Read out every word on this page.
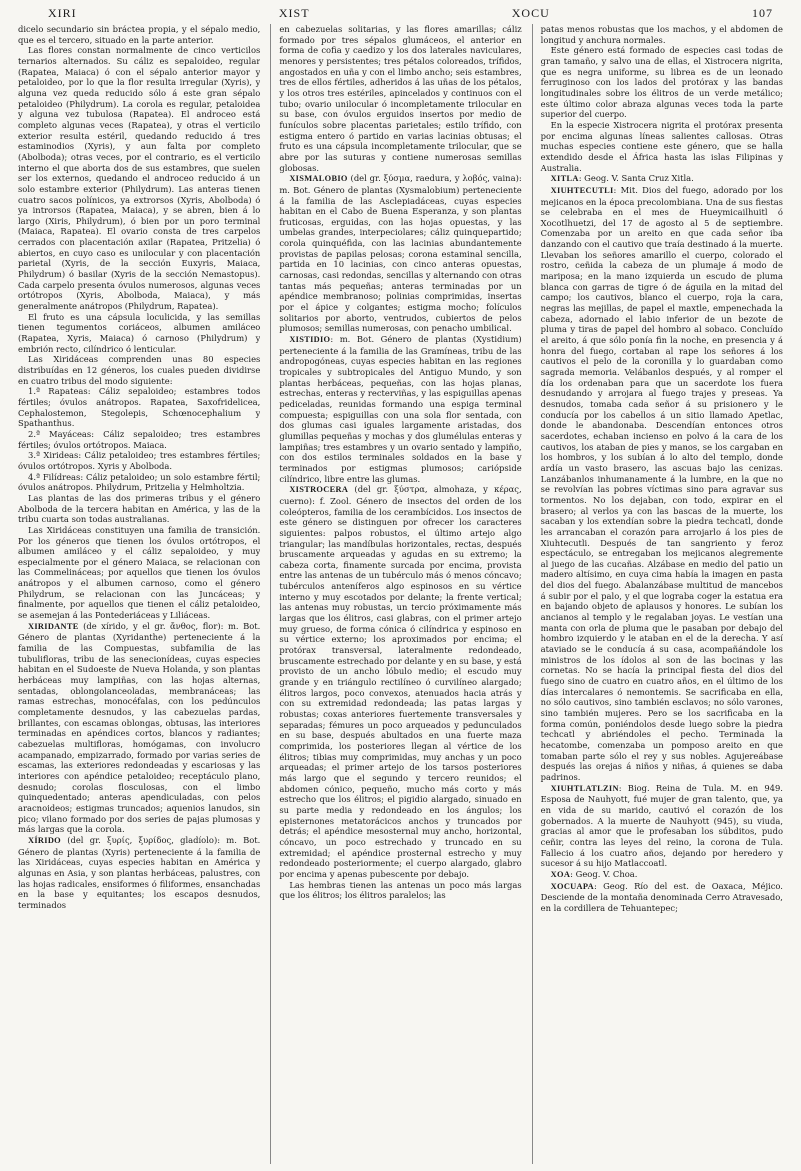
XIRI	XIST	XOCU	107

dicelo secundario sin bráctea propia, y el sépalo medio, que es el tercero, situado en la parte anterior.

Las flores constan normalmente de cinco verticilos ternarios alternados. Su cáliz es sepaloideo, regular (Rapatea, Maiaca) ó con el sépalo anterior mayor y petaloideo, por lo que la flor resulta irregular (Xyris), y alguna vez queda reducido sólo á este gran sépalo petaloideo (Philydrum). La corola es regular, petaloidea y alguna vez tubulosa (Rapatea). El androceo está completo algunas veces (Rapatea), y otras el verticilo exterior resulta estéril, quedando reducido á tres estaminodios (Xyris), y aun falta por completo (Abolboda); otras veces, por el contrario, es el verticilo interno el que aborta dos de sus estambres, que suelen ser los externos, quedando el androceo reducido á un solo estambre exterior (Philydrum). Las anteras tienen cuatro sacos polínicos, ya extrorsos (Xyris, Abolboda) ó ya introrsos (Rapatea, Maiaca), y se abren, bien á lo largo (Xiris, Philydrum), ó bien por un poro terminal (Maiaca, Rapatea). El ovario consta de tres carpelos cerrados con placentación axilar (Rapatea, Pritzelia) ó abiertos, en cuyo caso es unilocular y con placentación parietal (Xyris, de la sección Euxyris, Maiaca, Philydrum) ó basilar (Xyris de la sección Nemastopus). Cada carpelo presenta óvulos numerosos, algunas veces ortótropos (Xyris, Abolboda, Maiaca), y más generalmente anátropos (Philydrum, Rapatea).

El fruto es una cápsula loculicida, y las semillas tienen tegumentos coriáceos, albumen amiláceo (Rapatea, Xyris, Maiaca) ó carnoso (Philydrum) y embrión recto, cilíndrico ó lenticular.

Las Xiridáceas comprenden unas 80 especies distribuídas en 12 géneros, los cuales pueden dividirse en cuatro tribus del modo siguiente:

1.ª Rapateas: Cáliz sepaloideo; estambres todos fértiles; óvulos anátropos. Rapatea, Saxofridelicea, Cephalostemon, Stegolepis, Schœnocephalium y Spathanthus.

2.ª Mayáceas: Cáliz sepaloideo; tres estambres fértiles; óvulos ortótropos. Maiaca.

3.ª Xirideas: Cáliz petaloideo; tres estambres fértiles; óvulos ortótropos. Xyris y Abolboda.

4.ª Filídreas: Cáliz petaloideo; un solo estambre fértil; óvulos anátropos. Philydrum, Pritzelia y Helmholtzia.

Las plantas de las dos primeras tribus y el género Abolboda de la tercera habitan en América, y las de la tribu cuarta son todas australianas.

Las Xiridáceas constituyen una familia de transición. Por los géneros que tienen los óvulos ortótropos, el albumen amiláceo y el cáliz sepaloideo, y muy especialmente por el género Maiaca, se relacionan con las Commelináceas; por aquellos que tienen los óvulos anátropos y el albumen carnoso, como el género Philydrum, se relacionan con las Juncáceas; y finalmente, por aquellos que tienen el cáliz petaloideo, se asemejan á las Pontederiáceas y Liliáceas.

XIRIDANTE (de xírido, y el gr. ἄνθος, flor): m. Bot. Género de plantas (Xyridanthe) perteneciente á la familia de las Compuestas, subfamilia de las tubulifloras, tribu de las senecionídeas, cuyas especies habitan en el Sudoeste de Nueva Holanda, y son plantas herbáceas muy lampiñas, con las hojas alternas, sentadas, oblongolanceoladas, membranáceas; las ramas estrechas, monocéfalas, con los pedúnculos completamente desnudos, y las cabezuelas pardas, brillantes, con escamas oblongas, obtusas, las interiores terminadas en apéndices cortos, blancos y radiantes; cabezuelas multifloras, homógamas, con involucro acampanado, empizarrado, formado por varias series de escamas, las exteriores redondeadas y escariosas y las interiores con apéndice petaloideo; receptáculo plano, desnudo; corolas flosculosas, con el limbo quinquedentado; anteras apendiculadas, con pelos aracnoideos; estigmas truncados; aquenios lanudos, sin pico; vilano formado por dos series de pajas plumosas y más largas que la corola.

XÍRIDO (del gr. ξυρίς, ξυρίδος, gladíolo): m. Bot. Género de plantas (Xyris) perteneciente á la familia de las Xiridáceas, cuyas especies habitan en América y algunas en Asia, y son plantas herbáceas, palustres, con las hojas radicales, ensiformes ó filiformes, ensanchadas en la base y equitantes; los escapos desnudos, terminados

en cabezuelas solitarias, y las flores amarillas; cáliz formado por tres sépalos glumáceos, el anterior en forma de cofia y caedizo y los dos laterales naviculares, menores y persistentes; tres pétalos coloreados, trífidos, angostados en uña y con el limbo ancho; seis estambres, tres de ellos fértiles, adheridos á las uñas de los pétalos, y los otros tres estériles, apincelados y continuos con el tubo; ovario unilocular ó incompletamente trilocular en su base, con óvulos erguidos insertos por medio de funículos sobre placentas parietales; estilo trífido, con estigma entero ó partido en varias lacinias obtusas; el fruto es una cápsula incompletamente trilocular, que se abre por las suturas y contiene numerosas semillas globosas.

XISMALOBIO (del gr. ξύσμα, raedura, y λοβός, vaina): m. Bot. Género de plantas (Xysmalobium) perteneciente á la familia de las Asclepiadáceas, cuyas especies habitan en el Cabo de Buena Esperanza, y son plantas fruticosas, erguidas, con las hojas opuestas, y las umbelas grandes, interpeciolares; cáliz quinquepartido; corola quinquéfida, con las lacinias abundantemente provistas de papilas pelosas; corona estaminal sencilla, partida en 10 lacinias, con cinco anteras opuestas, carnosas, casi redondas, sencillas y alternando con otras tantas más pequeñas; anteras terminadas por un apéndice membranoso; polinias comprimidas, insertas por el ápice y colgantes; estigma mocho; folículos solitarios por aborto, ventrudos, cubiertos de pelos plumosos; semillas numerosas, con penacho umbilical.

XISTIDIO: m. Bot. Género de plantas (Xystidium) perteneciente á la familia de las Gramíneas, tribu de las andropogóneas, cuyas especies habitan en las regiones tropicales y subtropicales del Antiguo Mundo, y son plantas herbáceas, pequeñas, con las hojas planas, estrechas, enteras y recterviñas, y las espiguillas apenas pediceladas, reunidas formando una espiga terminal compuesta; espiguillas con una sola flor sentada, con dos glumas casi iguales largamente aristadas, dos glumillas pequeñas y mochas y dos glumélulas enteras y lampiñas; tres estambres y un ovario sentado y lampiño, con dos estilos terminales soldados en la base y terminados por estigmas plumosos; cariópside cilíndrico, libre entre las glumas.

XISTROCERA (del gr. ξύστρα, almohaza, y κέρας, cuerno): f. Zool. Género de insectos del orden de los coleópteros, familia de los cerambícidos. Los insectos de este género se distinguen por ofrecer los caracteres siguientes: palpos robustos, el último artejo algo triangular; las mandíbulas horizontales, rectas, después bruscamente arqueadas y agudas en su extremo; la cabeza corta, finamente surcada por encima, provista entre las antenas de un tubérculo más ó menos cóncavo; tubérculos anteníferos algo espinosos en su vértice interno y muy escotados por delante; la frente vertical; las antenas muy robustas, un tercio próximamente más largas que los élitros, casi glabras, con el primer artejo muy grueso, de forma cónica ó cilíndrica y espinoso en su vértice externo; los aproximados por encima; el protórax transversal, lateralmente redondeado, bruscamente estrechado por delante y en su base, y está provisto de un ancho lóbulo medio; el escudo muy grande y en triángulo rectilíneo ó curvilíneo alargado; élitros largos, poco convexos, atenuados hacia atrás y con su extremidad redondeada; las patas largas y robustas; coxas anteriores fuertemente transversales y separadas; fémures un poco arqueados y pedunculados en su base, después abultados en una fuerte maza comprimida, los posteriores llegan al vértice de los élitros; tibias muy comprimidas, muy anchas y un poco arqueadas; el primer artejo de los tarsos posteriores más largo que el segundo y tercero reunidos; el abdomen cónico, pequeño, mucho más corto y más estrecho que los élitros; el pigidio alargado, sinuado en su parte media y redondeado en los ángulos; los episternones metatorácicos anchos y truncados por detrás; el apéndice mesosternal muy ancho, horizontal, cóncavo, un poco estrechado y truncado en su extremidad; el apéndice prosternal estrecho y muy redondeado posteriormente; el cuerpo alargado, glabro por encima y apenas pubescente por debajo.

Las hembras tienen las antenas un poco más largas que los élitros; los élitros paralelos; las

patas menos robustas que los machos, y el abdomen de longitud y anchura normales.

Este género está formado de especies casi todas de gran tamaño, y salvo una de ellas, el Xistrocera nigrita, que es negra uniforme, su librea es de un leonado ferruginoso con los lados del protórax y las bandas longitudinales sobre los élitros de un verde metálico; este último color abraza algunas veces toda la parte superior del cuerpo.

En la especie Xistrocera nigrita el protórax presenta por encima algunas líneas salientes callosas. Otras muchas especies contiene este género, que se halla extendido desde el África hasta las islas Filipinas y Australia.

XITLA: Geog. V. Santa Cruz Xitla.

XIUHTECUTLI: Mit. Dios del fuego, adorado por los mejicanos en la época precolombiana. Una de sus fiestas se celebraba en el mes de Hueymicailhuitl ó Xocotlhuetzi, del 17 de agosto al 5 de septiembre. Comenzaba por un areito en que cada señor iba danzando con el cautivo que traía destinado á la muerte. Llevaban los señores amarillo el cuerpo, colorado el rostro, ceñida la cabeza de un plumaje á modo de mariposa; en la mano izquierda un escudo de pluma blanca con garras de tigre ó de águila en la mitad del campo; los cautivos, blanco el cuerpo, roja la cara, negras las mejillas, de papel el maxtle, empenechada la cabeza, adornado el labio inferior de un bezote de pluma y tiras de papel del hombro al sobaco. Concluído el areito, á que sólo ponía fin la noche, en presencia y á honra del fuego, cortaban al rape los señores á los cautivos el pelo de la coronilla y lo guardaban como sagrada memoria. Velábanlos después, y al romper el día los ordenaban para que un sacerdote los fuera desnudando y arrojara al fuego trajes y preseas. Ya desnudos, tomaba cada señor á su prisionero y le conducía por los cabellos á un sitio llamado Apetlac, donde le abandonaba. Descendían entonces otros sacerdotes, echaban incienso en polvo á la cara de los cautivos, los ataban de pies y manos, se los cargaban en los hombros, y los subían á lo alto del templo, donde ardía un vasto brasero, las ascuas bajo las cenizas. Lanzábanlos inhumanamente á la lumbre, en la que no se revolvían las pobres víctimas sino para agravar sus tormentos. No los dejaban, con todo, expirar en el brasero; al verlos ya con las bascas de la muerte, los sacaban y los extendían sobre la piedra techcatl, donde les arrancaban el corazón para arrojarlo á los pies de Xiuhtecutli. Después de tan sangriento y feroz espectáculo, se entregaban los mejicanos alegremente al juego de las cucañas. Alzábase en medio del patio un madero altísimo, en cuya cima había la imagen en pasta del dios del fuego. Abalanzábase multitud de mancebos á subir por el palo, y el que lograba coger la estatua era en bajando objeto de aplausos y honores. Le subían los ancianos al templo y le regalaban joyas. Le vestían una manta con orla de pluma que le pasaban por debajo del hombro izquierdo y le ataban en el de la derecha. Y así ataviado se le conducía á su casa, acompañándole los ministros de los ídolos al son de las bocinas y las cornetas. No se hacía la principal fiesta del dios del fuego sino de cuatro en cuatro años, en el último de los días intercalares ó nemontemis. Se sacrificaba en ella, no sólo cautivos, sino también esclavos; no sólo varones, sino también mujeres. Pero se los sacrificaba en la forma común, poniéndolos desde luego sobre la piedra techcatl y abriéndoles el pecho. Terminada la hecatombe, comenzaba un pomposo areito en que tomaban parte sólo el rey y sus nobles. Agujereábase después las orejas á niños y niñas, á quienes se daba padrinos.

XIUHTLATLZIN: Biog. Reina de Tula. M. en 949. Esposa de Nauhyott, fué mujer de gran talento, que, ya en vida de su marido, cautivó el corazón de los gobernados. A la muerte de Nauhyott (945), su viuda, gracias al amor que le profesaban los súbditos, pudo ceñir, contra las leyes del reino, la corona de Tula. Fallecio á los cuatro años, dejando por heredero y sucesor á su hijo Matlaccoatl.

XOA: Geog. V. Choa.

XOCUAPA: Geog. Río del est. de Oaxaca, Méjico. Desciende de la montaña denominada Cerro Atravesado, en la cordillera de Tehuantepec;
